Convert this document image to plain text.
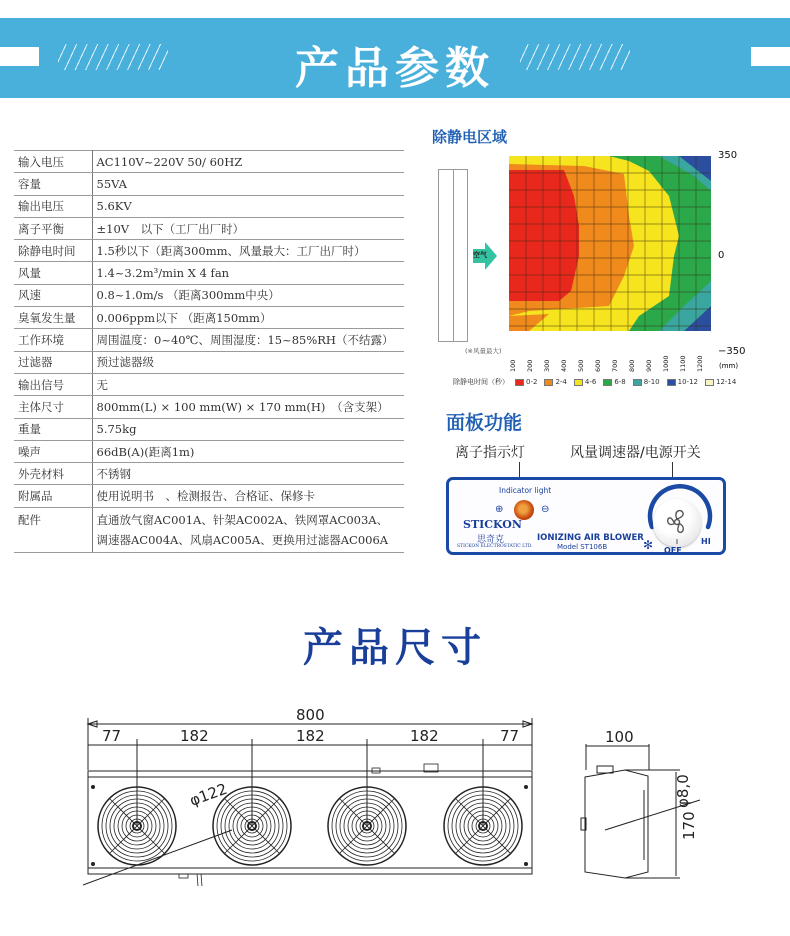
产品参数
输入电压	AC110V~220V 50/ 60HZ
容量	55VA
输出电压	5.6KV
离子平衡	±10V　以下（工厂出厂时）
除静电时间	1.5秒以下（距离300mm、风量最大：工厂出厂时）
风量	1.4~3.2m³/min X 4 fan
风速	0.8~1.0m/s （距离300mm中央）
臭氧发生量	0.006ppm以下 （距离150mm）
工作环境	周围温度：0~40℃、周围湿度：15~85%RH（不结露）
过滤器	预过滤器级
输出信号	无
主体尺寸	800mm(L) × 100 mm(W) × 170 mm(H)　（含支架）
重量	5.75kg
噪声	66dB(A)(距离1m)
外壳材料	不锈钢
附属品	使用说明书　、检测报告、合格证、保修卡
配件	直通放气窗AC001A、针架AC002A、铁网罩AC003A、
调速器AC004A、风扇AC005A、更换用过滤器AC006A
除静电区域
空气
350
0
−350
(※风量最大)
100 200 300 400 500 600 700 800 900 1000 1100 1200 (mm)
除静电时间（秒） 0-2	2-4	4-6	6-8	8-10	10-12	12-14
面板功能
离子指示灯	风量调速器/电源开关
Indicator light
⊕	⊖
STICKON
思奇克
STICKON ELECTROSTATIC LTD.
IONIZING AIR BLOWER
Model ST106B	✻ OFF
HI
产品尺寸
800
77	182	182	182	77
φ122
100
170
φ8,0
